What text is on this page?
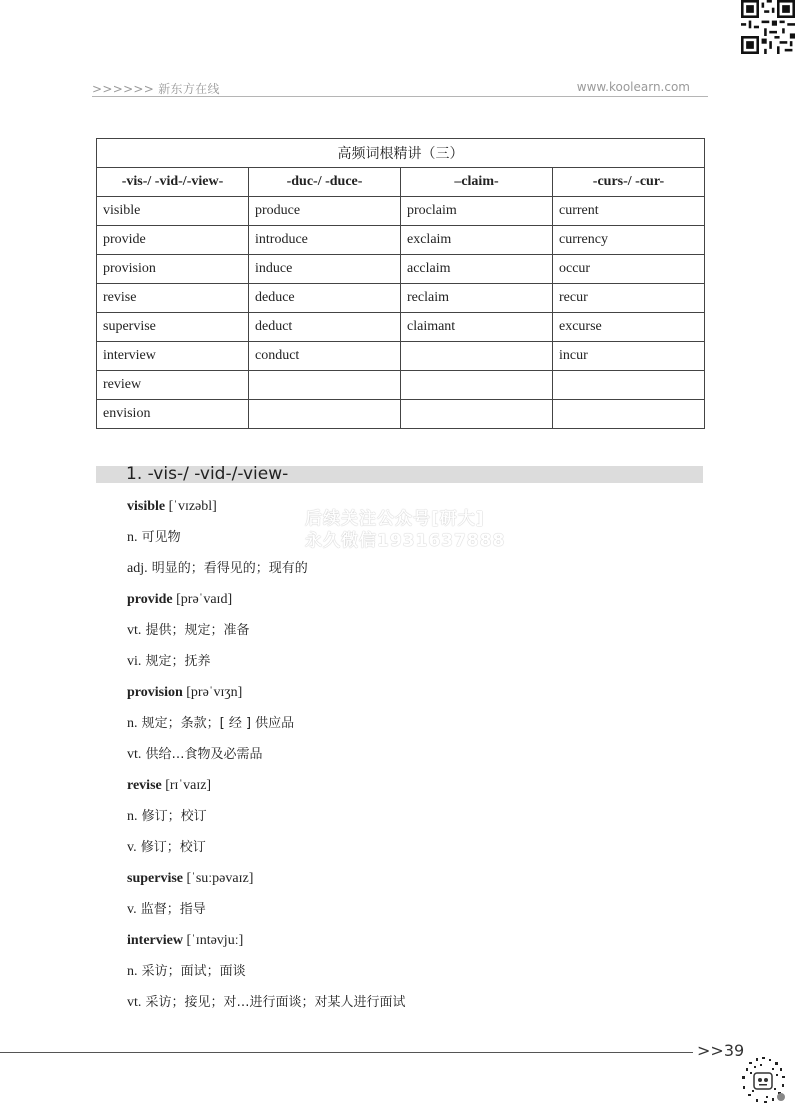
>>>>>> 新东方在线	www.koolearn.com
高频词根精讲（三）			
-vis-/ -vid-/-view-	-duc-/ -duce-	–claim-	-curs-/ -cur-
visible	produce	proclaim	current
provide	introduce	exclaim	currency
provision	induce	acclaim	occur
revise	deduce	reclaim	recur
supervise	deduct	claimant	excurse
interview	conduct		incur
review			
envision			
1. -vis-/ -vid-/-view-
visible [ˈvɪzəbl]
n. 可见物
adj. 明显的；看得见的；现有的
provide [prəˈvaɪd]
vt. 提供；规定；准备
vi. 规定；抚养
provision [prəˈvɪʒn]
n. 规定；条款；[ 经 ] 供应品
vt. 供给…食物及必需品
revise [rɪˈvaɪz]
n. 修订；校订
v. 修订；校订
supervise [ˈsuːpəvaɪz]
v. 监督；指导
interview [ˈɪntəvjuː]
n. 采访；面试；面谈
vt. 采访；接见；对…进行面谈；对某人进行面试
后续关注公众号[研大]
永久微信1931637888
>>39
